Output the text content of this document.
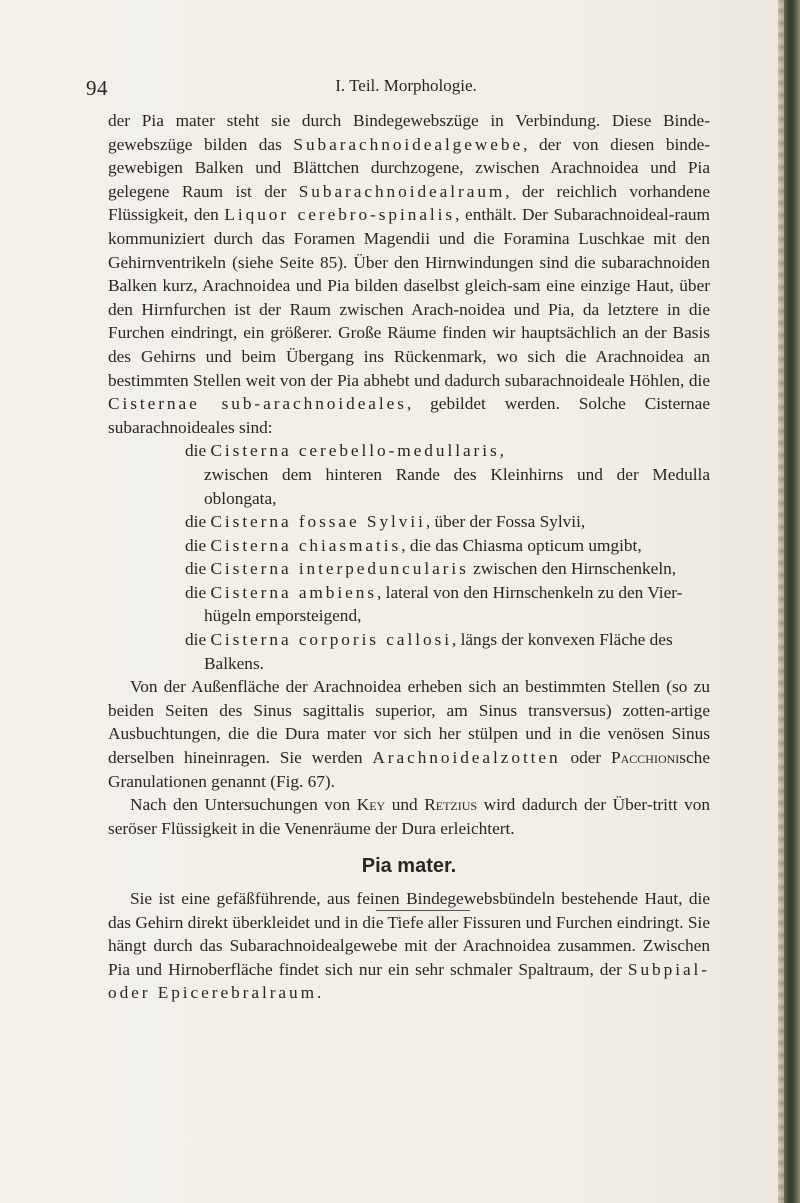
94	I. Teil. Morphologie.

der Pia mater steht sie durch Bindegewebszüge in Verbindung. Diese Binde-gewebszüge bilden das Subarachnoidealgewebe, der von diesen binde-gewebigen Balken und Blättchen durchzogene, zwischen Arachnoidea und Pia gelegene Raum ist der Subarachnoidealraum, der reichlich vorhandene Flüssigkeit, den Liquor cerebro-spinalis, enthält. Der Subarachnoideal-raum kommuniziert durch das Foramen Magendii und die Foramina Luschkae mit den Gehirnventrikeln (siehe Seite 85). Über den Hirnwindungen sind die subarachnoiden Balken kurz, Arachnoidea und Pia bilden daselbst gleich-sam eine einzige Haut, über den Hirnfurchen ist der Raum zwischen Arach-noidea und Pia, da letztere in die Furchen eindringt, ein größerer. Große Räume finden wir hauptsächlich an der Basis des Gehirns und beim Übergang ins Rückenmark, wo sich die Arachnoidea an bestimmten Stellen weit von der Pia abhebt und dadurch subarachnoideale Höhlen, die Cisternae sub-arachnoideales, gebildet werden. Solche Cisternae subarachnoideales sind:

die Cisterna cerebello-medullaris,
zwischen dem hinteren Rande des Kleinhirns und der Medulla oblongata,
die Cisterna fossae Sylvii, über der Fossa Sylvii,
die Cisterna chiasmatis, die das Chiasma opticum umgibt,
die Cisterna interpeduncularis zwischen den Hirnschenkeln,
die Cisterna ambiens, lateral von den Hirnschenkeln zu den Vier-
hügeln emporsteigend,
die Cisterna corporis callosi, längs der konvexen Fläche des
Balkens.

Von der Außenfläche der Arachnoidea erheben sich an bestimmten Stellen (so zu beiden Seiten des Sinus sagittalis superior, am Sinus transversus) zotten-artige Ausbuchtungen, die die Dura mater vor sich her stülpen und in die venösen Sinus derselben hineinragen. Sie werden Arachnoidealzotten oder Pacchionische Granulationen genannt (Fig. 67).

Nach den Untersuchungen von Key und Retzius wird dadurch der Über-tritt von seröser Flüssigkeit in die Venenräume der Dura erleichtert.

Pia mater.

Sie ist eine gefäßführende, aus feinen Bindegewebsbündeln bestehende Haut, die das Gehirn direkt überkleidet und in die Tiefe aller Fissuren und Furchen eindringt. Sie hängt durch das Subarachnoidealgewebe mit der Arachnoidea zusammen. Zwischen Pia und Hirnoberfläche findet sich nur ein sehr schmaler Spaltraum, der Subpial- oder Epicerebralraum.
